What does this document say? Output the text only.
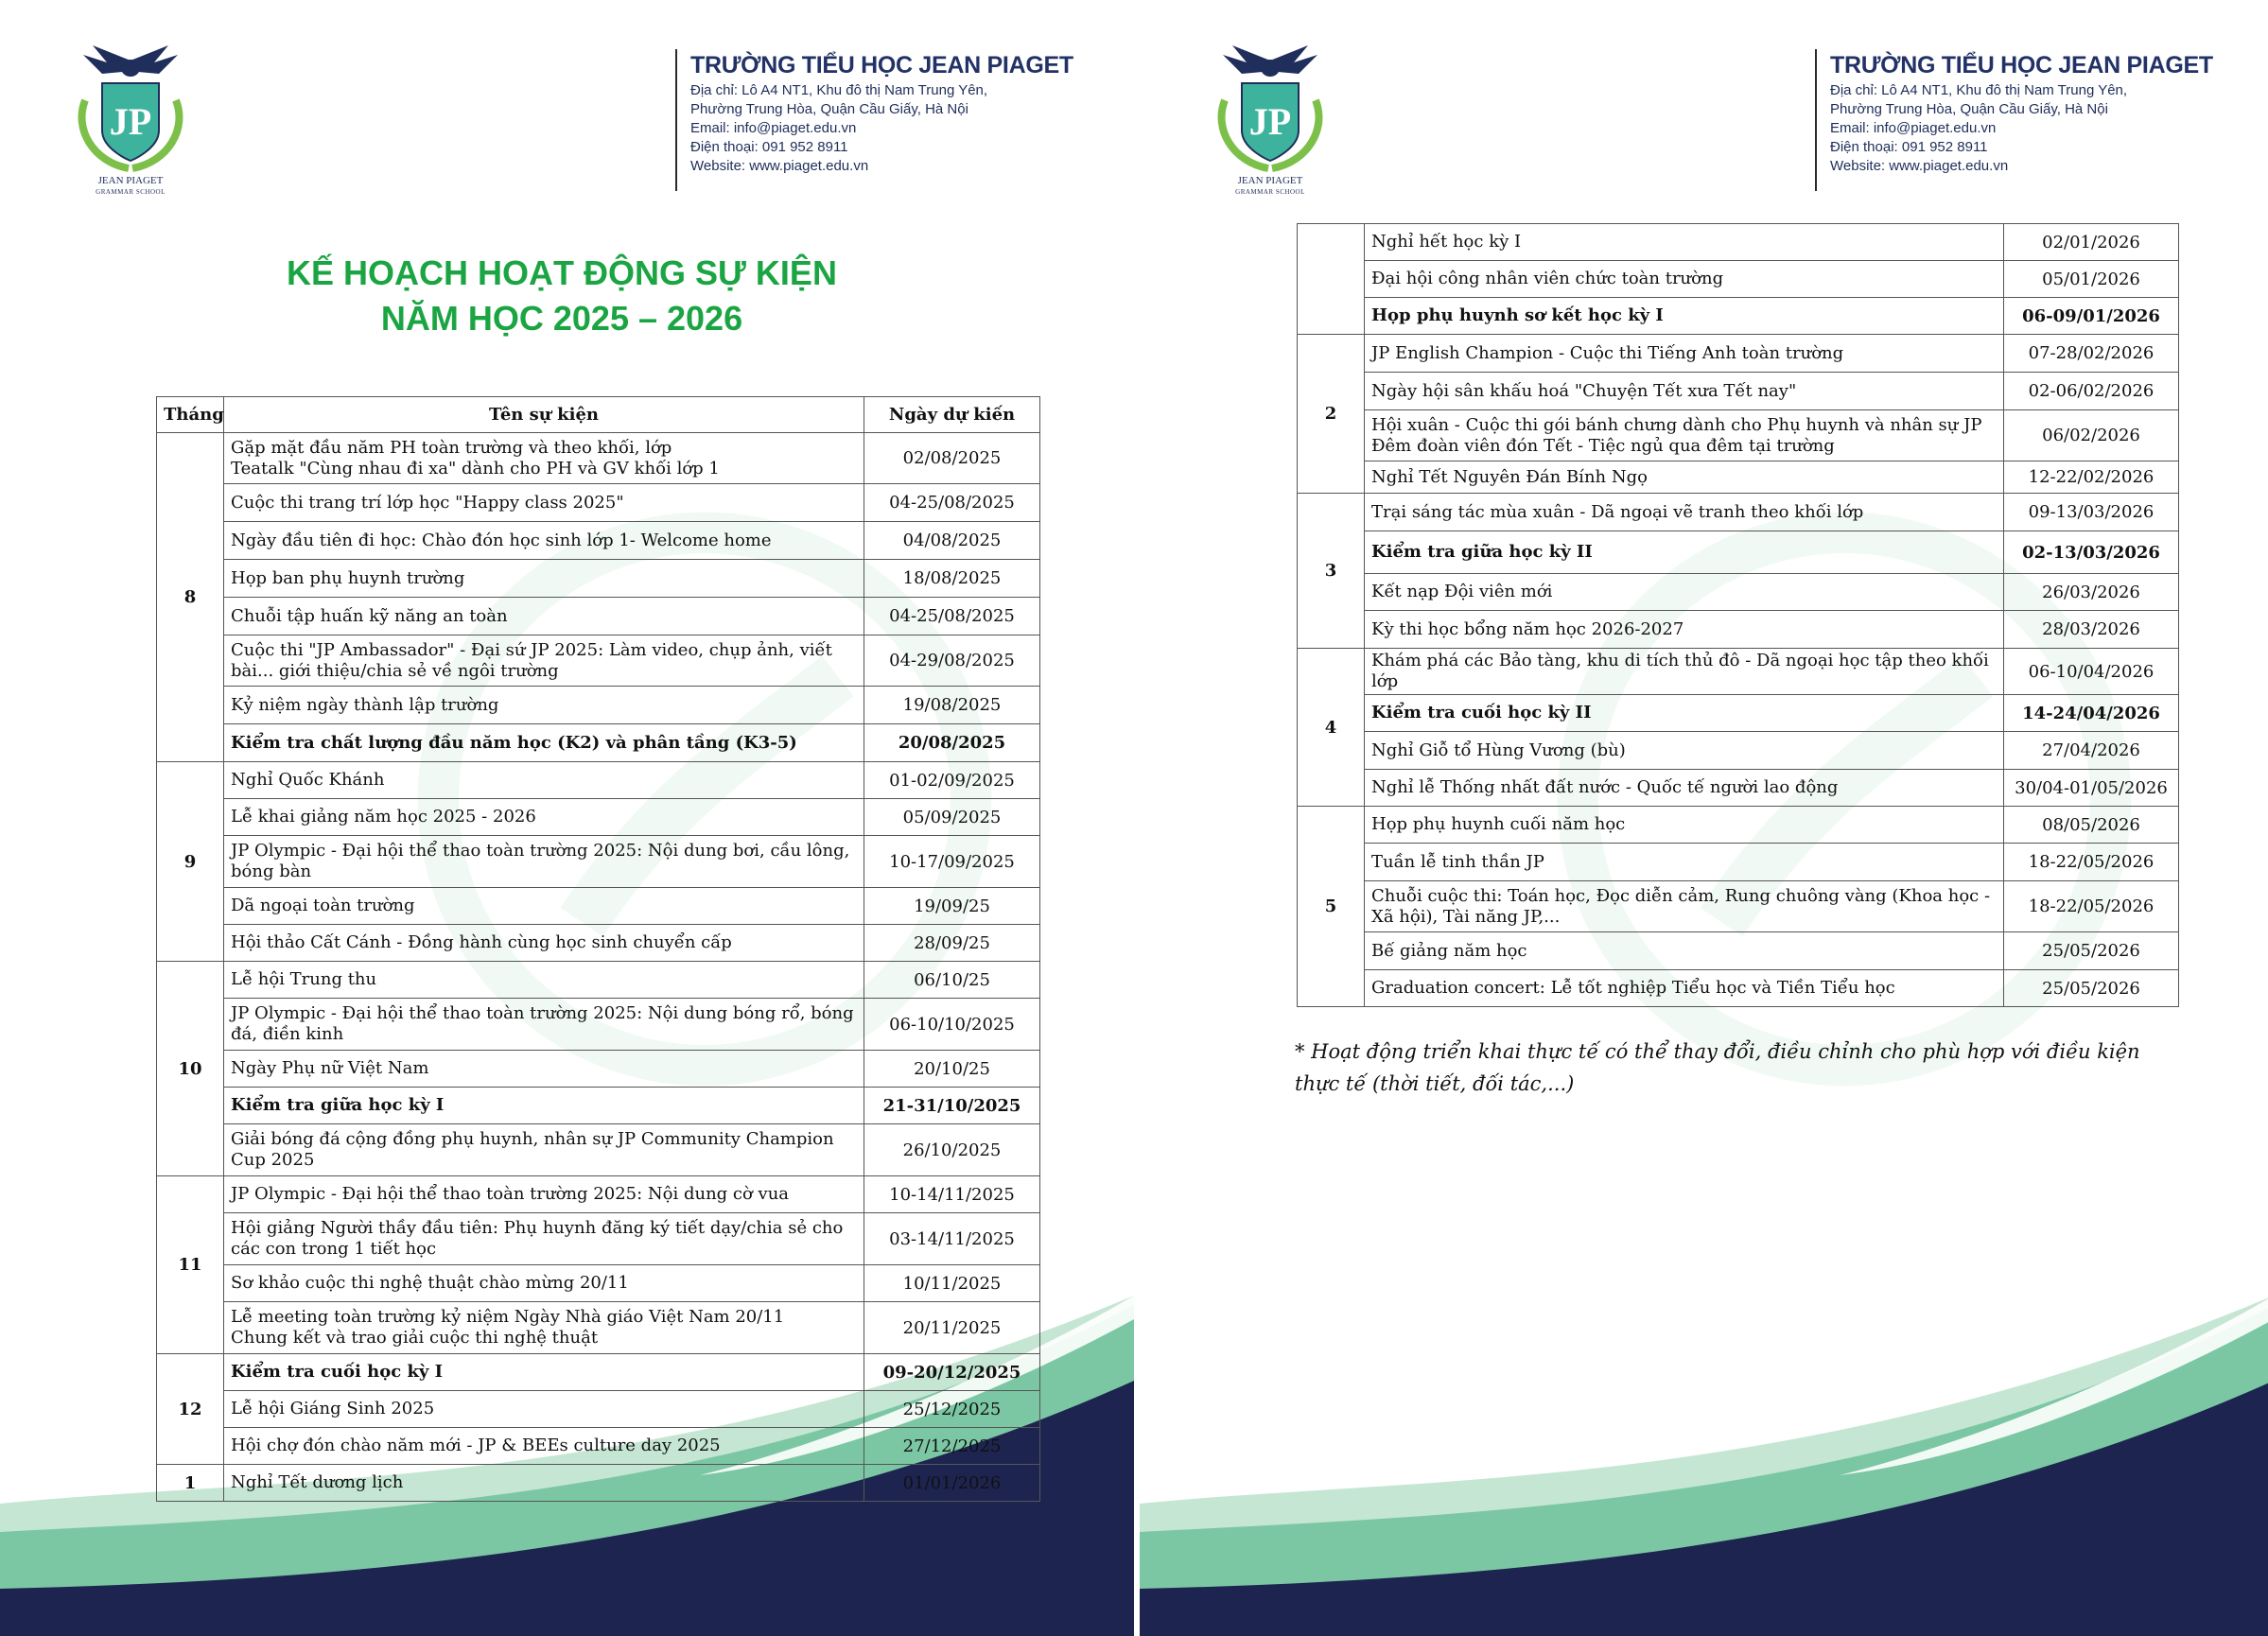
JP
JEAN PIAGET
GRAMMAR SCHOOL
TRƯỜNG TIỂU HỌC JEAN PIAGET
Địa chỉ: Lô A4 NT1, Khu đô thị Nam Trung Yên,
Phường Trung Hòa, Quận Cầu Giấy, Hà Nội
Email: info@piaget.edu.vn
Điện thoại: 091 952 8911
Website: www.piaget.edu.vn
KẾ HOẠCH HOẠT ĐỘNG SỰ KIỆN
NĂM HỌC 2025 – 2026
Tháng	Tên sự kiện	Ngày dự kiến
8	Gặp mặt đầu năm PH toàn trường và theo khối, lớp
Teatalk "Cùng nhau đi xa" dành cho PH và GV khối lớp 1	02/08/2025
	Cuộc thi trang trí lớp học "Happy class 2025"	04-25/08/2025
	Ngày đầu tiên đi học: Chào đón học sinh lớp 1- Welcome home	04/08/2025
	Họp ban phụ huynh trường	18/08/2025
	Chuỗi tập huấn kỹ năng an toàn	04-25/08/2025
	Cuộc thi "JP Ambassador" - Đại sứ JP 2025: Làm video, chụp ảnh, viết bài... giới thiệu/chia sẻ về ngôi trường	04-29/08/2025
	Kỷ niệm ngày thành lập trường	19/08/2025
	Kiểm tra chất lượng đầu năm học (K2) và phân tầng (K3-5)	20/08/2025
9	Nghỉ Quốc Khánh	01-02/09/2025
	Lễ khai giảng năm học 2025 - 2026	05/09/2025
	JP Olympic - Đại hội thể thao toàn trường 2025: Nội dung bơi, cầu lông, bóng bàn	10-17/09/2025
	Dã ngoại toàn trường	19/09/25
	Hội thảo Cất Cánh - Đồng hành cùng học sinh chuyển cấp	28/09/25
10	Lễ hội Trung thu	06/10/25
	JP Olympic - Đại hội thể thao toàn trường 2025: Nội dung bóng rổ, bóng đá, điền kinh	06-10/10/2025
	Ngày Phụ nữ Việt Nam	20/10/25
	Kiểm tra giữa học kỳ I	21-31/10/2025
	Giải bóng đá cộng đồng phụ huynh, nhân sự JP Community Champion Cup 2025	26/10/2025
11	JP Olympic - Đại hội thể thao toàn trường 2025: Nội dung cờ vua	10-14/11/2025
	Hội giảng Người thầy đầu tiên: Phụ huynh đăng ký tiết dạy/chia sẻ cho các con trong 1 tiết học	03-14/11/2025
	Sơ khảo cuộc thi nghệ thuật chào mừng 20/11	10/11/2025
	Lễ meeting toàn trường kỷ niệm Ngày Nhà giáo Việt Nam 20/11
Chung kết và trao giải cuộc thi nghệ thuật	20/11/2025
12	Kiểm tra cuối học kỳ I	09-20/12/2025
	Lễ hội Giáng Sinh 2025	25/12/2025
	Hội chợ đón chào năm mới - JP & BEEs culture day 2025	27/12/2025
1	Nghỉ Tết dương lịch	01/01/2026
JP
JEAN PIAGET
GRAMMAR SCHOOL
TRƯỜNG TIỂU HỌC JEAN PIAGET
Địa chỉ: Lô A4 NT1, Khu đô thị Nam Trung Yên,
Phường Trung Hòa, Quận Cầu Giấy, Hà Nội
Email: info@piaget.edu.vn
Điện thoại: 091 952 8911
Website: www.piaget.edu.vn
	Nghỉ hết học kỳ I	02/01/2026
	Đại hội công nhân viên chức toàn trường	05/01/2026
	Họp phụ huynh sơ kết học kỳ I	06-09/01/2026
2	JP English Champion - Cuộc thi Tiếng Anh toàn trường	07-28/02/2026
	Ngày hội sân khấu hoá "Chuyện Tết xưa Tết nay"	02-06/02/2026
	Hội xuân - Cuộc thi gói bánh chưng dành cho Phụ huynh và nhân sự JP
Đêm đoàn viên đón Tết - Tiệc ngủ qua đêm tại trường	06/02/2026
	Nghỉ Tết Nguyên Đán Bính Ngọ	12-22/02/2026
3	Trại sáng tác mùa xuân - Dã ngoại vẽ tranh theo khối lớp	09-13/03/2026
	Kiểm tra giữa học kỳ II	02-13/03/2026
	Kết nạp Đội viên mới	26/03/2026
	Kỳ thi học bổng năm học 2026-2027	28/03/2026
4	Khám phá các Bảo tàng, khu di tích thủ đô - Dã ngoại học tập theo khối lớp	06-10/04/2026
	Kiểm tra cuối học kỳ II	14-24/04/2026
	Nghỉ Giỗ tổ Hùng Vương (bù)	27/04/2026
	Nghỉ lễ Thống nhất đất nước - Quốc tế người lao động	30/04-01/05/2026
5	Họp phụ huynh cuối năm học	08/05/2026
	Tuần lễ tinh thần JP	18-22/05/2026
	Chuỗi cuộc thi: Toán học, Đọc diễn cảm, Rung chuông vàng (Khoa học - Xã hội), Tài năng JP,...	18-22/05/2026
	Bế giảng năm học	25/05/2026
	Graduation concert: Lễ tốt nghiệp Tiểu học và Tiền Tiểu học	25/05/2026
* Hoạt động triển khai thực tế có thể thay đổi, điều chỉnh cho phù hợp với điều kiện thực tế (thời tiết, đối tác,...)
